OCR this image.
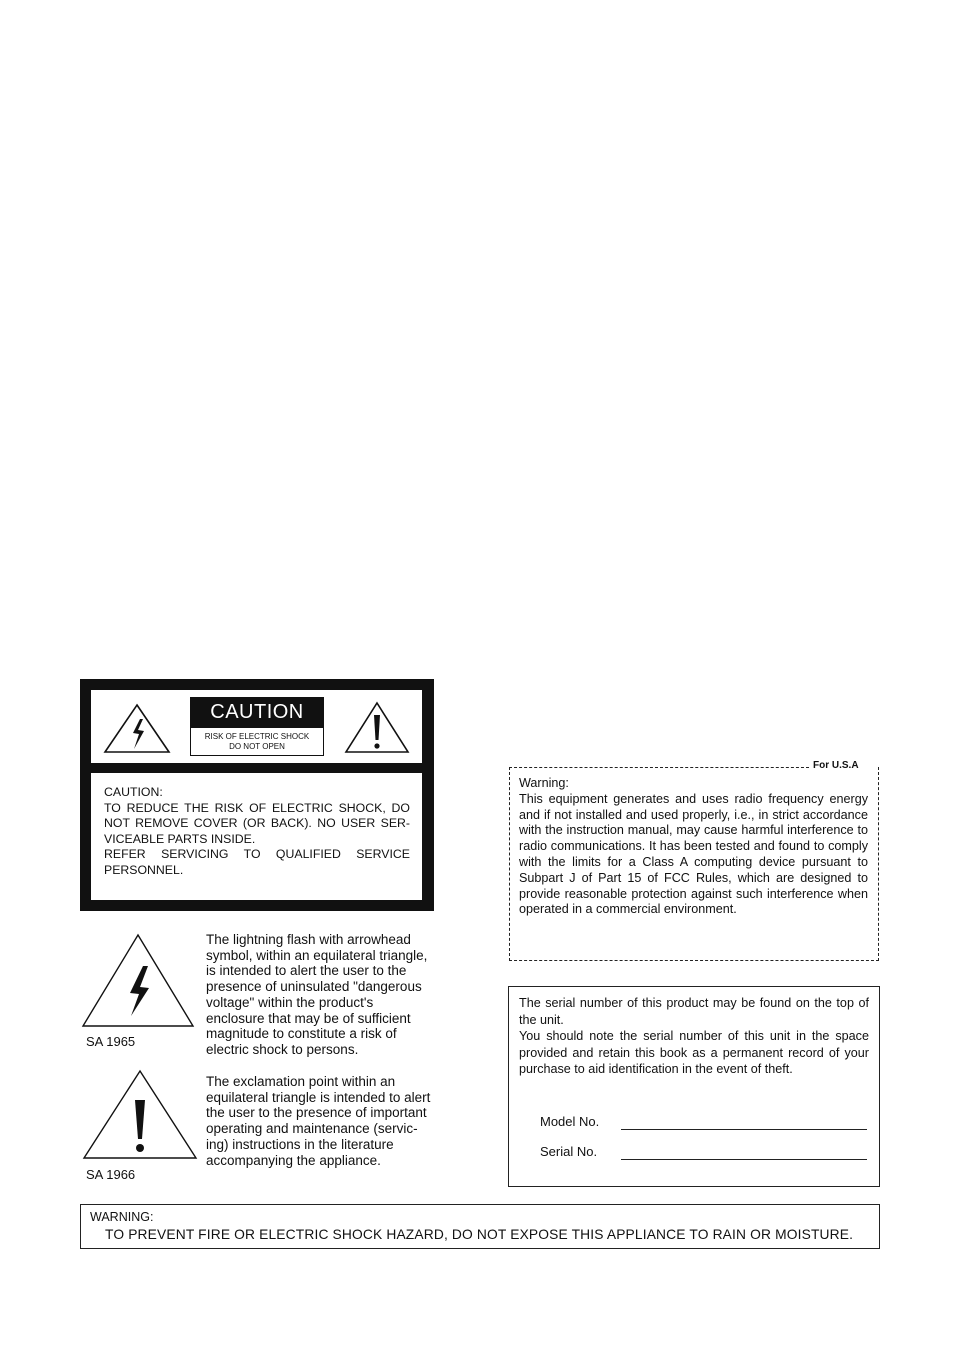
CAUTION
RISK OF ELECTRIC SHOCK
DO NOT OPEN
CAUTION:
TO REDUCE THE RISK OF ELECTRIC SHOCK, DO
NOT REMOVE COVER (OR BACK). NO USER SER-
VICEABLE PARTS INSIDE.
REFER SERVICING TO QUALIFIED SERVICE
PERSONNEL.
SA 1965
The lightning flash with arrowhead
symbol, within an equilateral triangle,
is intended to alert the user to the
presence of uninsulated "dangerous
voltage" within the product's
enclosure that may be of sufficient
magnitude to constitute a risk of
electric shock to persons.
SA 1966
The exclamation point within an
equilateral triangle is intended to alert
the user to the presence of important
operating and maintenance (servic-
ing) instructions in the literature
accompanying the appliance.
For U.S.A
Warning:
This equipment generates and uses radio frequency energy and if not installed and used properly, i.e., in strict accordance with the instruction manual, may cause harmful interference to radio communications. It has been tested and found to comply with the limits for a Class A computing device pursuant to Subpart J of Part 15 of FCC Rules, which are designed to provide reasonable protection against such interference when operated in a commercial environment.
The serial number of this product may be found on the top of the unit.
You should note the serial number of this unit in the space provided and retain this book as a permanent record of your purchase to aid identification in the event of theft.
Model No.
Serial No.
WARNING:
TO PREVENT FIRE OR ELECTRIC SHOCK HAZARD, DO NOT EXPOSE THIS APPLIANCE TO RAIN OR MOISTURE.
